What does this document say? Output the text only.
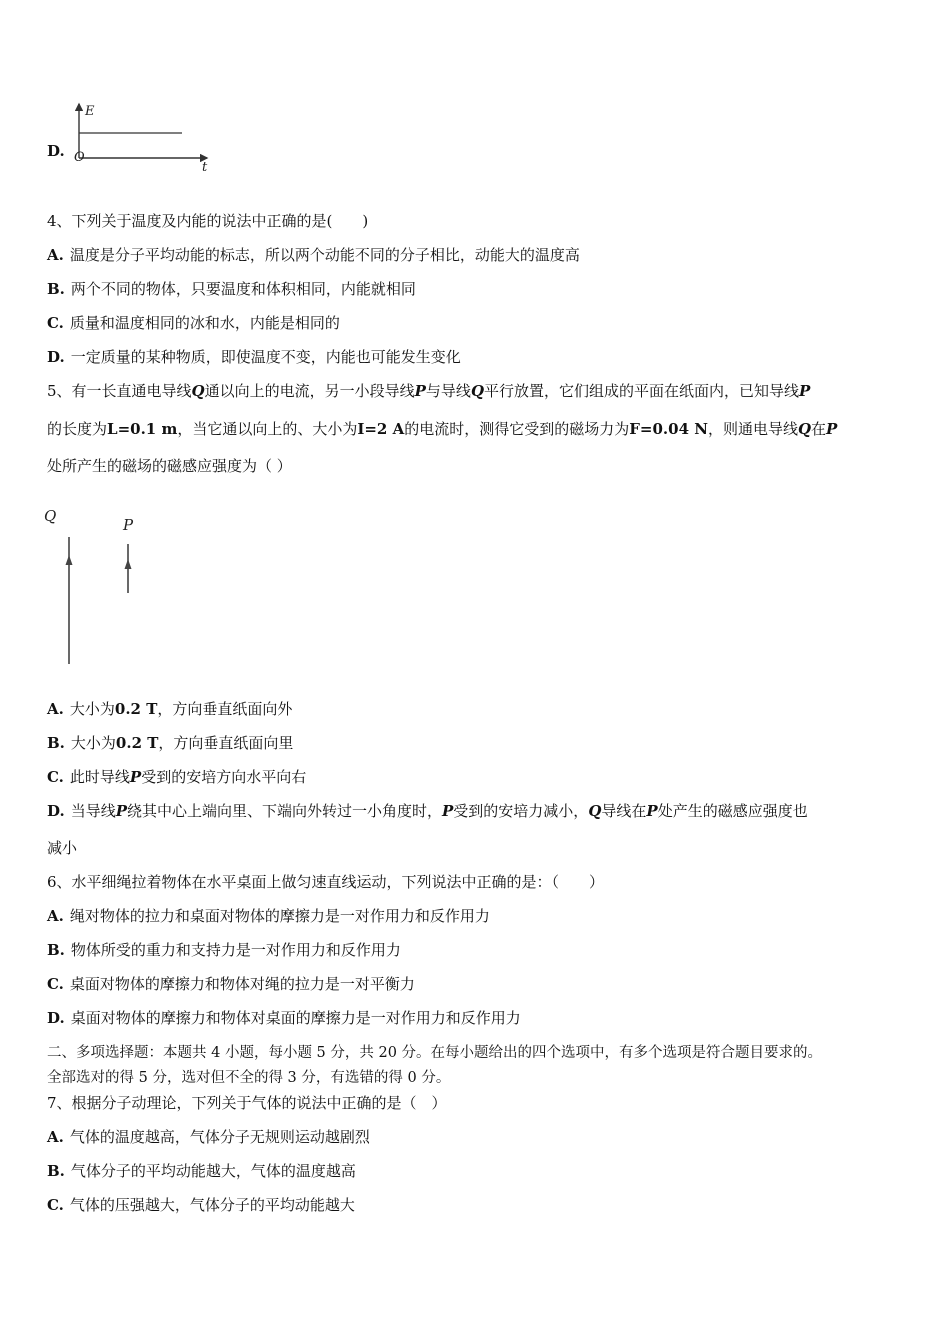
D.
E
t
O
4、下列关于温度及内能的说法中正确的是(　　)
A. 温度是分子平均动能的标志，所以两个动能不同的分子相比，动能大的温度高
B. 两个不同的物体，只要温度和体积相同，内能就相同
C. 质量和温度相同的冰和水，内能是相同的
D. 一定质量的某种物质，即使温度不变，内能也可能发生变化
5、有一长直通电导线Q通以向上的电流，另一小段导线P与导线Q平行放置，它们组成的平面在纸面内，已知导线P
的长度为L=0.1 m，当它通以向上的、大小为I=2 A的电流时，测得它受到的磁场力为F=0.04 N，则通电导线Q在P
处所产生的磁场的磁感应强度为（ ）
Q	P
A. 大小为0.2 T，方向垂直纸面向外
B. 大小为0.2 T，方向垂直纸面向里
C. 此时导线P受到的安培方向水平向右
D. 当导线P绕其中心上端向里、下端向外转过一小角度时，P受到的安培力减小，Q导线在P处产生的磁感应强度也
减小
6、水平细绳拉着物体在水平桌面上做匀速直线运动，下列说法中正确的是：（　　）
A. 绳对物体的拉力和桌面对物体的摩擦力是一对作用力和反作用力
B. 物体所受的重力和支持力是一对作用力和反作用力
C. 桌面对物体的摩擦力和物体对绳的拉力是一对平衡力
D. 桌面对物体的摩擦力和物体对桌面的摩擦力是一对作用力和反作用力
二、多项选择题：本题共 4 小题，每小题 5 分，共 20 分。在每小题给出的四个选项中，有多个选项是符合题目要求的。
全部选对的得 5 分，选对但不全的得 3 分，有选错的得 0 分。
7、根据分子动理论，下列关于气体的说法中正确的是（　）
A. 气体的温度越高，气体分子无规则运动越剧烈
B. 气体分子的平均动能越大，气体的温度越高
C. 气体的压强越大，气体分子的平均动能越大
